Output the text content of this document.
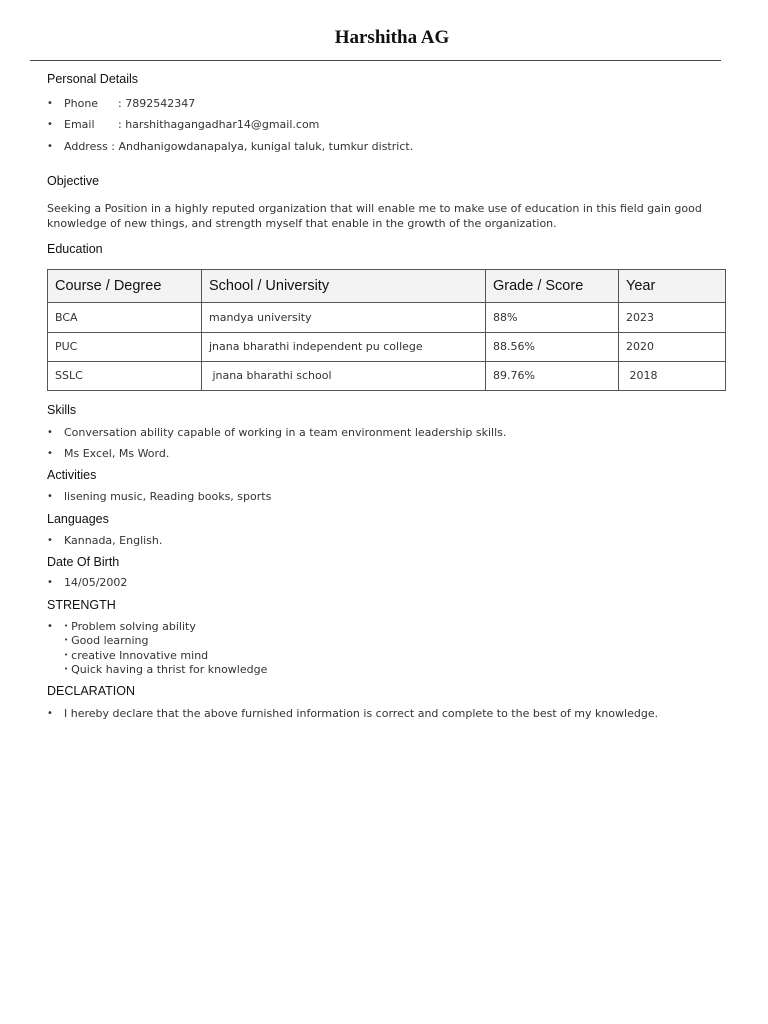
Harshitha AG
Personal Details
• Phone : 7892542347
• Email : harshithagangadhar14@gmail.com
• Address : Andhanigowdanapalya, kunigal taluk, tumkur district.
Objective
Seeking a Position in a highly reputed organization that will enable me to make use of education in this field gain good knowledge of new things, and strength myself that enable in the growth of the organization.
Education
Course / Degree	School / University	Grade / Score	Year
BCA	mandya university	88%	2023
PUC	jnana bharathi independent pu college	88.56%	2020
SSLC	jnana bharathi school	89.76%	2018
Skills
• Conversation ability capable of working in a team environment leadership skills.
• Ms Excel, Ms Word.
Activities
• lisening music, Reading books, sports
Languages
• Kannada, English.
Date Of Birth
• 14/05/2002
STRENGTH
• • Problem solving ability
• Good learning
• creative Innovative mind
• Quick having a thrist for knowledge
DECLARATION
• I hereby declare that the above furnished information is correct and complete to the best of my knowledge.
